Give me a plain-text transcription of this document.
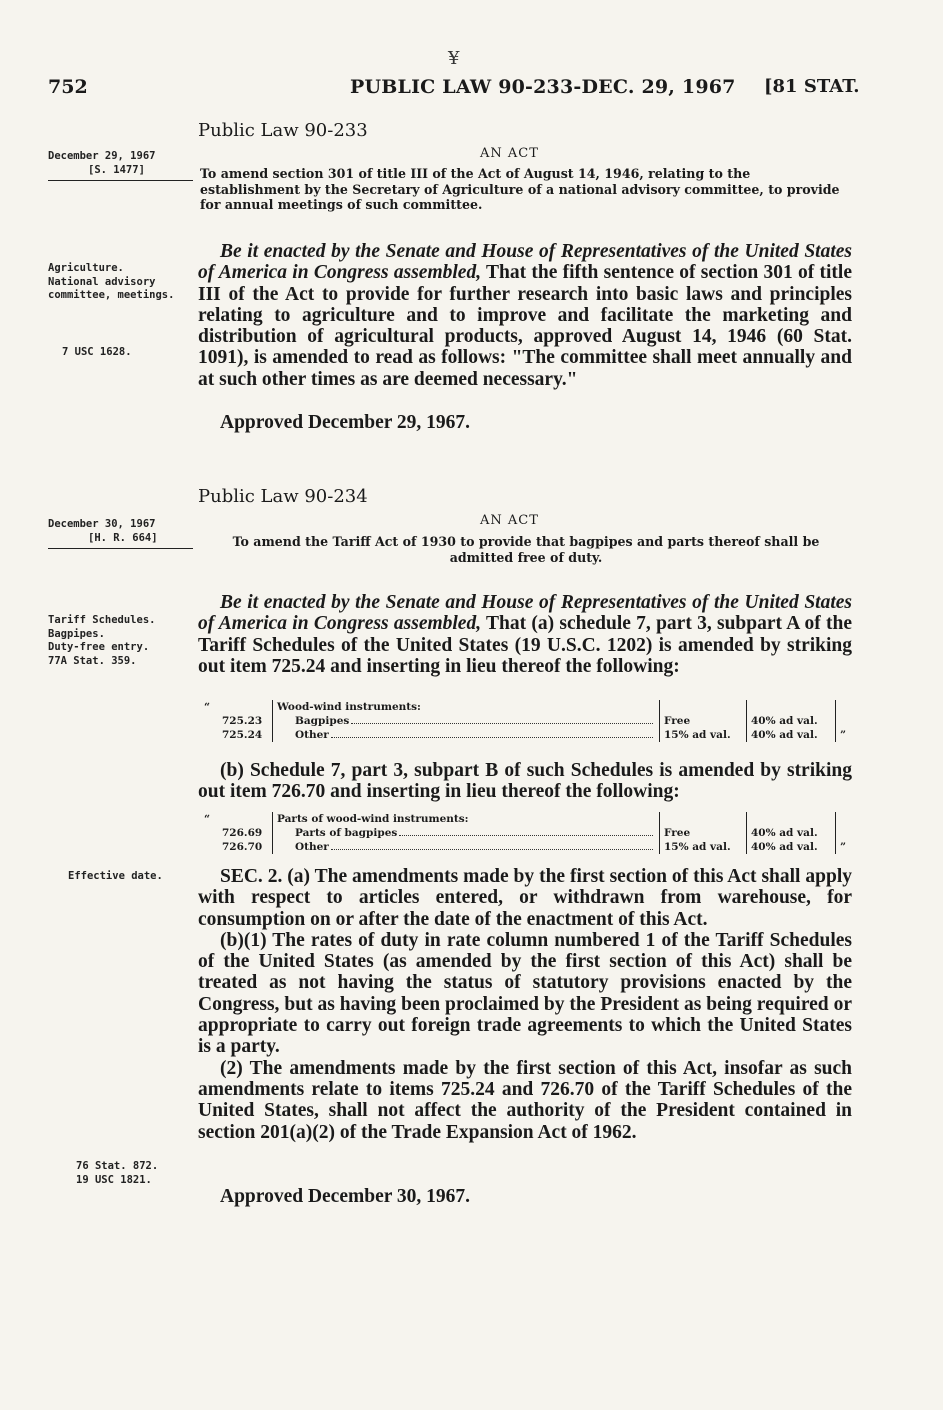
¥
752	PUBLIC LAW 90-233-DEC. 29, 1967 [81 STAT.
Public Law 90-233
December 29, 1967
[S. 1477]
AN ACT
To amend section 301 of title III of the Act of August 14, 1946, relating to the establishment by the Secretary of Agriculture of a national advisory committee, to provide for annual meetings of such committee.
Agriculture.
National advisory committee, meetings.
7 USC 1628.

Be it enacted by the Senate and House of Representatives of the United States of America in Congress assembled, That the fifth sentence of section 301 of title III of the Act to provide for further research into basic laws and principles relating to agriculture and to improve and facilitate the marketing and distribution of agricultural products, approved August 14, 1946 (60 Stat. 1091), is amended to read as follows: "The committee shall meet annually and at such other times as are deemed necessary."

Approved December 29, 1967.
Public Law 90-234
December 30, 1967
[H. R. 664]
AN ACT
To amend the Tariff Act of 1930 to provide that bagpipes and parts thereof shall be admitted free of duty.
Tariff Schedules.
Bagpipes.
Duty-free entry.
77A Stat. 359.

Be it enacted by the Senate and House of Representatives of the United States of America in Congress assembled, That (a) schedule 7, part 3, subpart A of the Tariff Schedules of the United States (19 U.S.C. 1202) is amended by striking out item 725.24 and inserting in lieu thereof the following:

“		Wood-wind instruments:			
	725.23	Bagpipes	Free	40% ad val.	
	725.24	Other	15% ad val.	40% ad val.	”

(b) Schedule 7, part 3, subpart B of such Schedules is amended by striking out item 726.70 and inserting in lieu thereof the following:

“		Parts of wood-wind instruments:			
	726.69	Parts of bagpipes	Free	40% ad val.	
	726.70	Other	15% ad val.	40% ad val.	”
Effective date.	SEC. 2. (a) The amendments made by the first section of this Act shall apply with respect to articles entered, or withdrawn from warehouse, for consumption on or after the date of the enactment of this Act.

(b)(1) The rates of duty in rate column numbered 1 of the Tariff Schedules of the United States (as amended by the first section of this Act) shall be treated as not having the status of statutory provisions enacted by the Congress, but as having been proclaimed by the President as being required or appropriate to carry out foreign trade agreements to which the United States is a party.

(2) The amendments made by the first section of this Act, insofar as such amendments relate to items 725.24 and 726.70 of the Tariff Schedules of the United States, shall not affect the authority of the President contained in section 201(a)(2) of the Trade Expansion Act of 1962.

76 Stat. 872.
19 USC 1821.
Approved December 30, 1967.
